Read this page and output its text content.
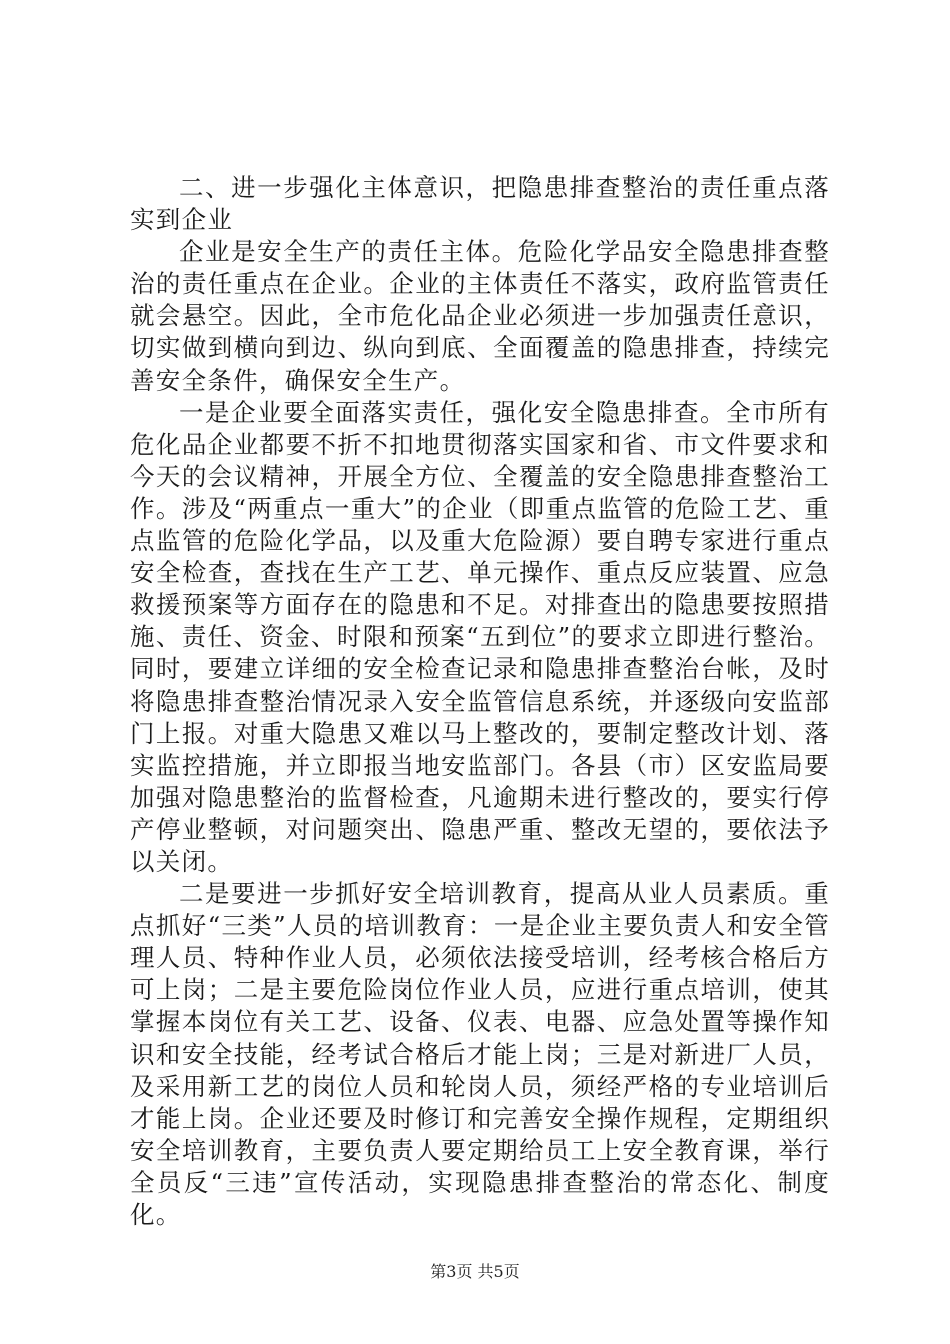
二、进一步强化主体意识，把隐患排查整治的责任重点落实到企业

企业是安全生产的责任主体。危险化学品安全隐患排查整治的责任重点在企业。企业的主体责任不落实，政府监管责任就会悬空。因此，全市危化品企业必须进一步加强责任意识，切实做到横向到边、纵向到底、全面覆盖的隐患排查，持续完善安全条件，确保安全生产。

一是企业要全面落实责任，强化安全隐患排查。全市所有危化品企业都要不折不扣地贯彻落实国家和省、市文件要求和今天的会议精神，开展全方位、全覆盖的安全隐患排查整治工作。涉及“两重点一重大”的企业（即重点监管的危险工艺、重点监管的危险化学品，以及重大危险源）要自聘专家进行重点安全检查，查找在生产工艺、单元操作、重点反应装置、应急救援预案等方面存在的隐患和不足。对排查出的隐患要按照措施、责任、资金、时限和预案“五到位”的要求立即进行整治。同时，要建立详细的安全检查记录和隐患排查整治台帐，及时将隐患排查整治情况录入安全监管信息系统，并逐级向安监部门上报。对重大隐患又难以马上整改的，要制定整改计划、落实监控措施，并立即报当地安监部门。各县（市）区安监局要加强对隐患整治的监督检查，凡逾期未进行整改的，要实行停产停业整顿，对问题突出、隐患严重、整改无望的，要依法予以关闭。

二是要进一步抓好安全培训教育，提高从业人员素质。重点抓好“三类”人员的培训教育：一是企业主要负责人和安全管理人员、特种作业人员，必须依法接受培训，经考核合格后方可上岗；二是主要危险岗位作业人员，应进行重点培训，使其掌握本岗位有关工艺、设备、仪表、电器、应急处置等操作知识和安全技能，经考试合格后才能上岗；三是对新进厂人员，及采用新工艺的岗位人员和轮岗人员，须经严格的专业培训后才能上岗。企业还要及时修订和完善安全操作规程，定期组织安全培训教育，主要负责人要定期给员工上安全教育课，举行全员反“三违”宣传活动，实现隐患排查整治的常态化、制度化。

第3页 共5页
